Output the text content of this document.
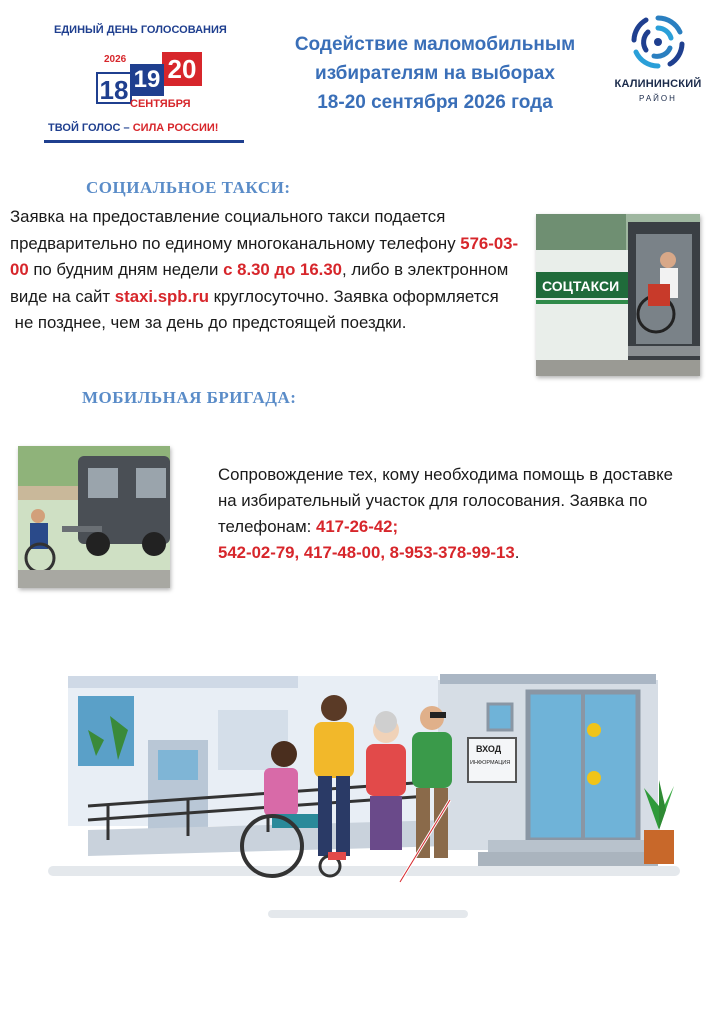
ЕДИНЫЙ ДЕНЬ ГОЛОСОВАНИЯ
2026 20
19
18 СЕНТЯБРЯ
ТВОЙ ГОЛОС – СИЛА РОССИИ!
Содействие маломобильным
избирателям на выборах
18-20 сентября 2026 года
КАЛИНИНСКИЙ
РАЙОН
СОЦИАЛЬНОЕ ТАКСИ:
Заявка на предоставление социального такси подается предварительно по единому многоканальному телефону 576-03-00 по будним дням недели с 8.30 до 16.30, либо в электронном виде на сайт staxi.spb.ru круглосуточно. Заявка оформляется
не позднее, чем за день до предстоящей поездки.
СОЦТАКСИ
МОБИЛЬНАЯ БРИГАДА:
Сопровождение тех, кому необходима помощь в доставке на избирательный участок для голосования. Заявка по телефонам: 417-26-42;
542-02-79, 417-48-00, 8-953-378-99-13.
ВХОД
ИНФОРМАЦИЯ
